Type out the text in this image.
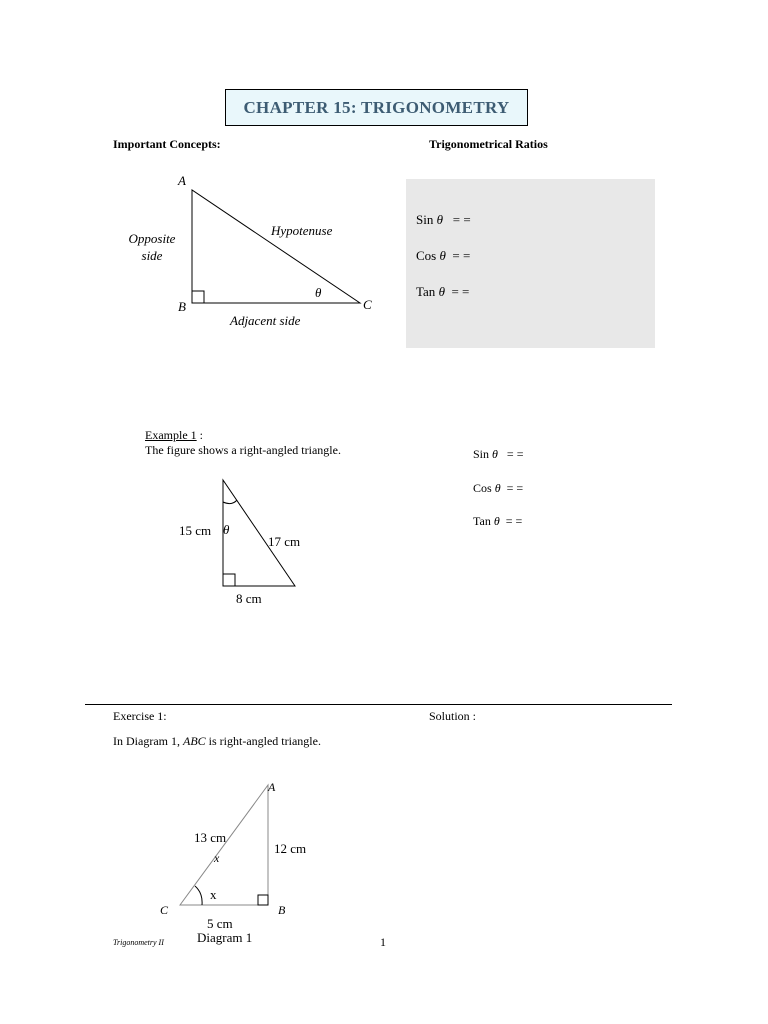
CHAPTER 15: TRIGONOMETRY
Important Concepts:	Trigonometrical Ratios
A
B	C
Opposite
side
Hypotenuse
Adjacent side
θ
Sin θ = =
Cos θ = =
Tan θ = =
Example 1 :
The figure shows a right-angled triangle.
15 cm
17 cm
8 cm
θ
Sin θ = =
Cos θ = =
Tan θ = =
Exercise 1:	Solution :
In Diagram 1, ABC is right-angled triangle.
A
B
C
13 cm
x
12 cm
x
5 cm
Diagram 1
Trigonometry II	1
